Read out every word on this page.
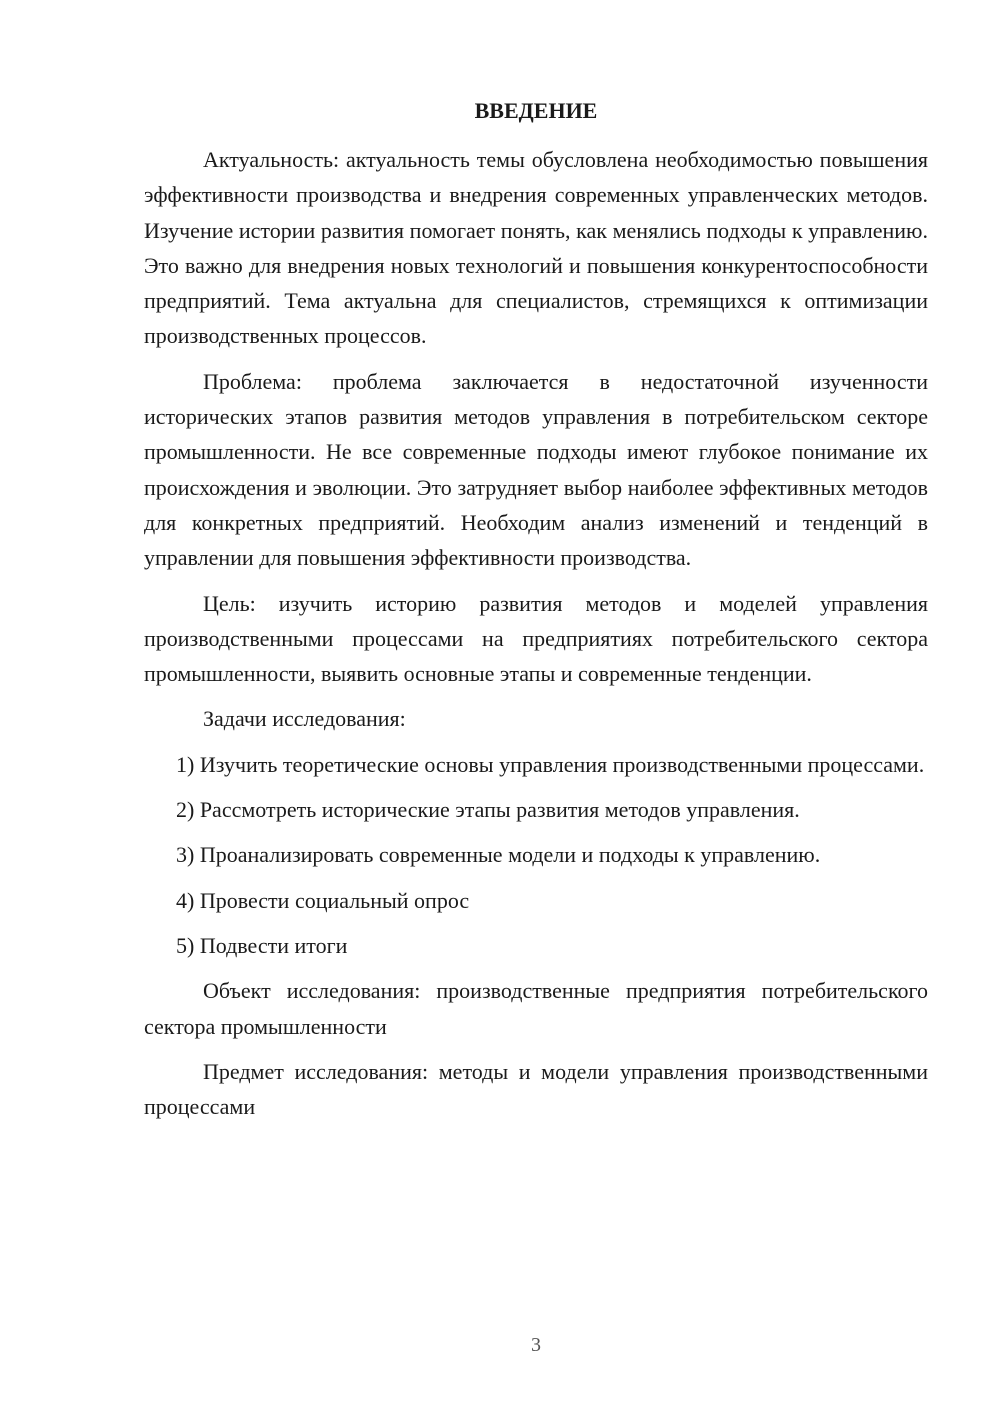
ВВЕДЕНИЕ

Актуальность: актуальность темы обусловлена необходимостью повышения эффективности производства и внедрения современных управленческих методов. Изучение истории развития помогает понять, как менялись подходы к управлению. Это важно для внедрения новых технологий и повышения конкурентоспособности предприятий. Тема актуальна для специалистов, стремящихся к оптимизации производственных процессов.

Проблема: проблема заключается в недостаточной изученности исторических этапов развития методов управления в потребительском секторе промышленности. Не все современные подходы имеют глубокое понимание их происхождения и эволюции. Это затрудняет выбор наиболее эффективных методов для конкретных предприятий. Необходим анализ изменений и тенденций в управлении для повышения эффективности производства.

Цель: изучить историю развития методов и моделей управления производственными процессами на предприятиях потребительского сектора промышленности, выявить основные этапы и современные тенденции.

Задачи исследования:

1) Изучить теоретические основы управления производственными процессами.

2) Рассмотреть исторические этапы развития методов управления.

3) Проанализировать современные модели и подходы к управлению.

4) Провести социальный опрос

5) Подвести итоги

Объект исследования: производственные предприятия потребительского сектора промышленности

Предмет исследования: методы и модели управления производственными процессами

3
